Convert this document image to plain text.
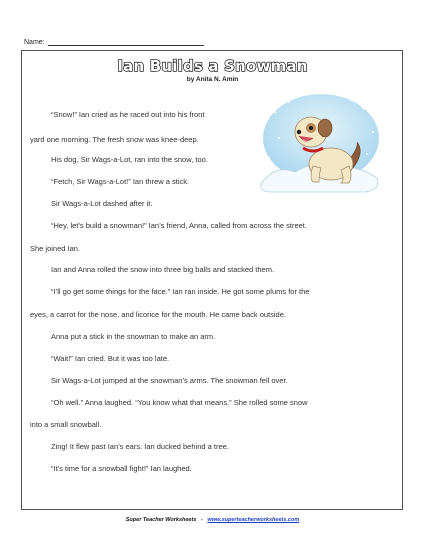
Name:
Ian Builds a Snowman
by Anita N. Amin
“Snow!” Ian cried as he raced out into his front
yard one morning. The fresh snow was knee-deep.
His dog, Sir Wags-a-Lot, ran into the snow, too.
“Fetch, Sir Wags-a-Lot!” Ian threw a stick.
Sir Wags-a-Lot dashed after it.
“Hey, let’s build a snowman!” Ian’s friend, Anna, called from across the street.
She joined Ian.
Ian and Anna rolled the snow into three big balls and stacked them.
“I’ll go get some things for the face.” Ian ran inside. He got some plums for the
eyes, a carrot for the nose, and licorice for the mouth. He came back outside.
Anna put a stick in the snowman to make an arm.
“Wait!” Ian cried. But it was too late.
Sir Wags-a-Lot jumped at the snowman’s arms. The snowman fell over.
“Oh well.” Anna laughed. “You know what that means.” She rolled some snow
into a small snowball.
Zing! It flew past Ian’s ears. Ian ducked behind a tree.
“It’s time for a snowball fight!” Ian laughed.
Super Teacher Worksheets - www.superteacherworksheets.com
